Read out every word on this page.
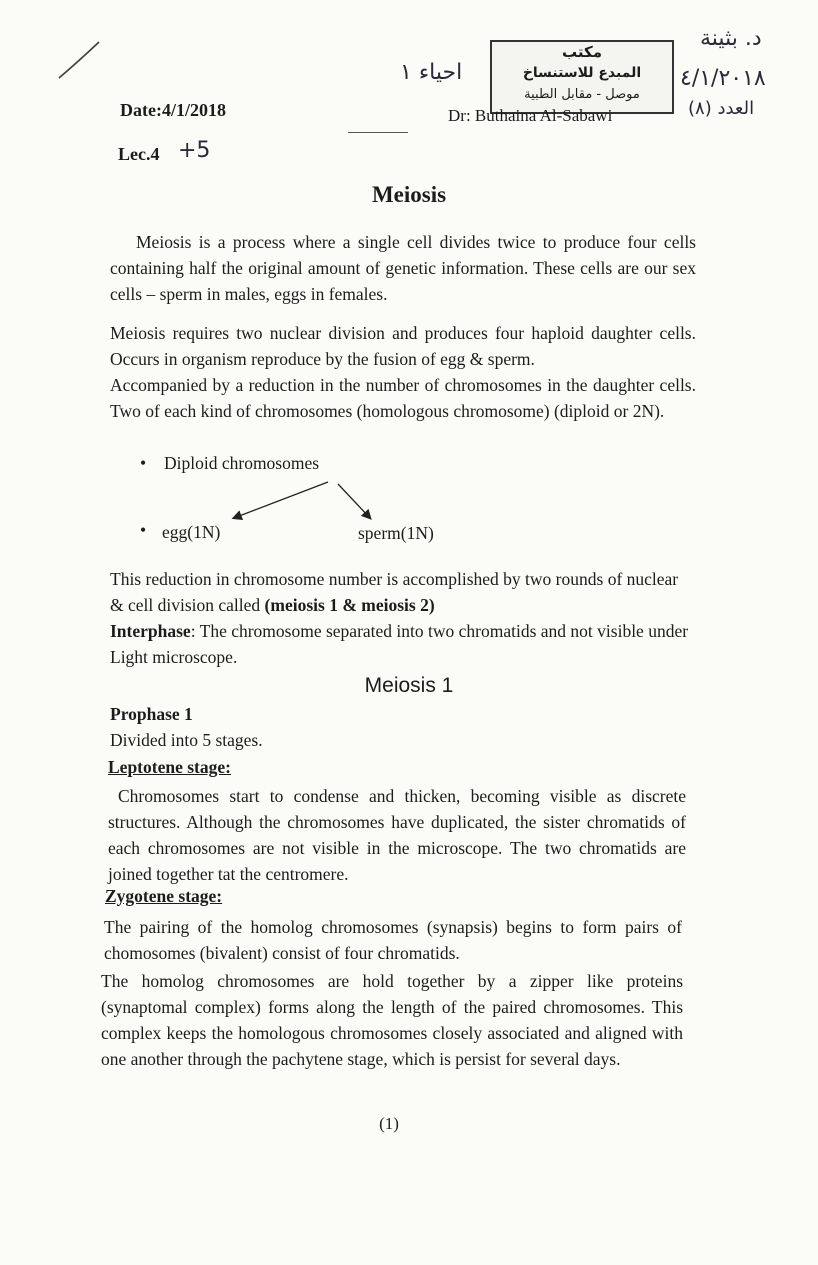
احياء ١
د. بثينة
٤/١/٢٠١٨
العدد (٨)
مكتب
المبدع للاستنساخ
موصل - مقابل الطبية
Date:4/1/2018	Dr: Buthaina Al-Sabawi
Lec.4 +5
Meiosis
Meiosis is a process where a single cell divides twice to produce four cells containing half the original amount of genetic information. These cells are our sex cells – sperm in males, eggs in females.
Meiosis requires two nuclear division and produces four haploid daughter cells. Occurs in organism reproduce by the fusion of egg & sperm.
Accompanied by a reduction in the number of chromosomes in the daughter cells. Two of each kind of chromosomes (homologous chromosome) (diploid or 2N).
• Diploid chromosomes
• egg(1N)	sperm(1N)
This reduction in chromosome number is accomplished by two rounds of nuclear & cell division called (meiosis 1 & meiosis 2)
Interphase: The chromosome separated into two chromatids and not visible under Light microscope.
Meiosis 1
Prophase 1
Divided into 5 stages.
Leptotene stage:
Chromosomes start to condense and thicken, becoming visible as discrete structures. Although the chromosomes have duplicated, the sister chromatids of each chromosomes are not visible in the microscope. The two chromatids are joined together tat the centromere.
Zygotene stage:
The pairing of the homolog chromosomes (synapsis) begins to form pairs of chomosomes (bivalent) consist of four chromatids.
The homolog chromosomes are hold together by a zipper like proteins (synaptomal complex) forms along the length of the paired chromosomes. This complex keeps the homologous chromosomes closely associated and aligned with one another through the pachytene stage, which is persist for several days.
(1)
